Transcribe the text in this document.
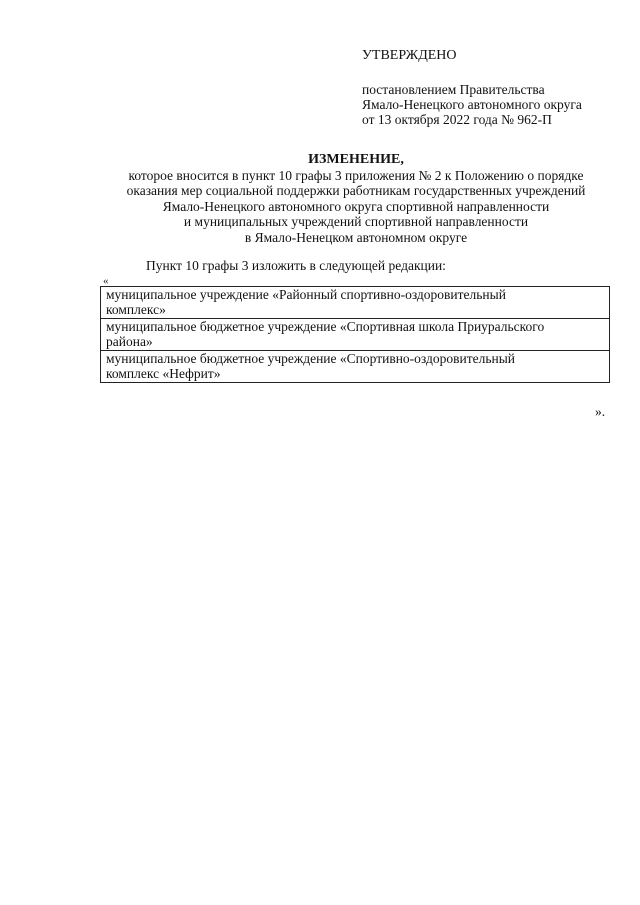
УТВЕРЖДЕНО
постановлением Правительства
Ямало-Ненецкого автономного округа
от 13 октября 2022 года № 962-П
ИЗМЕНЕНИЕ,
которое вносится в пункт 10 графы 3 приложения № 2 к Положению о порядке
оказания мер социальной поддержки работникам государственных учреждений
Ямало-Ненецкого автономного округа спортивной направленности
и муниципальных учреждений спортивной направленности
в Ямало-Ненецком автономном округе
Пункт 10 графы 3 изложить в следующей редакции:
«
муниципальное учреждение «Районный спортивно-оздоровительный
комплекс»

муниципальное бюджетное учреждение «Спортивная школа Приуральского
района»

муниципальное бюджетное учреждение «Спортивно-оздоровительный
комплекс «Нефрит»
».
